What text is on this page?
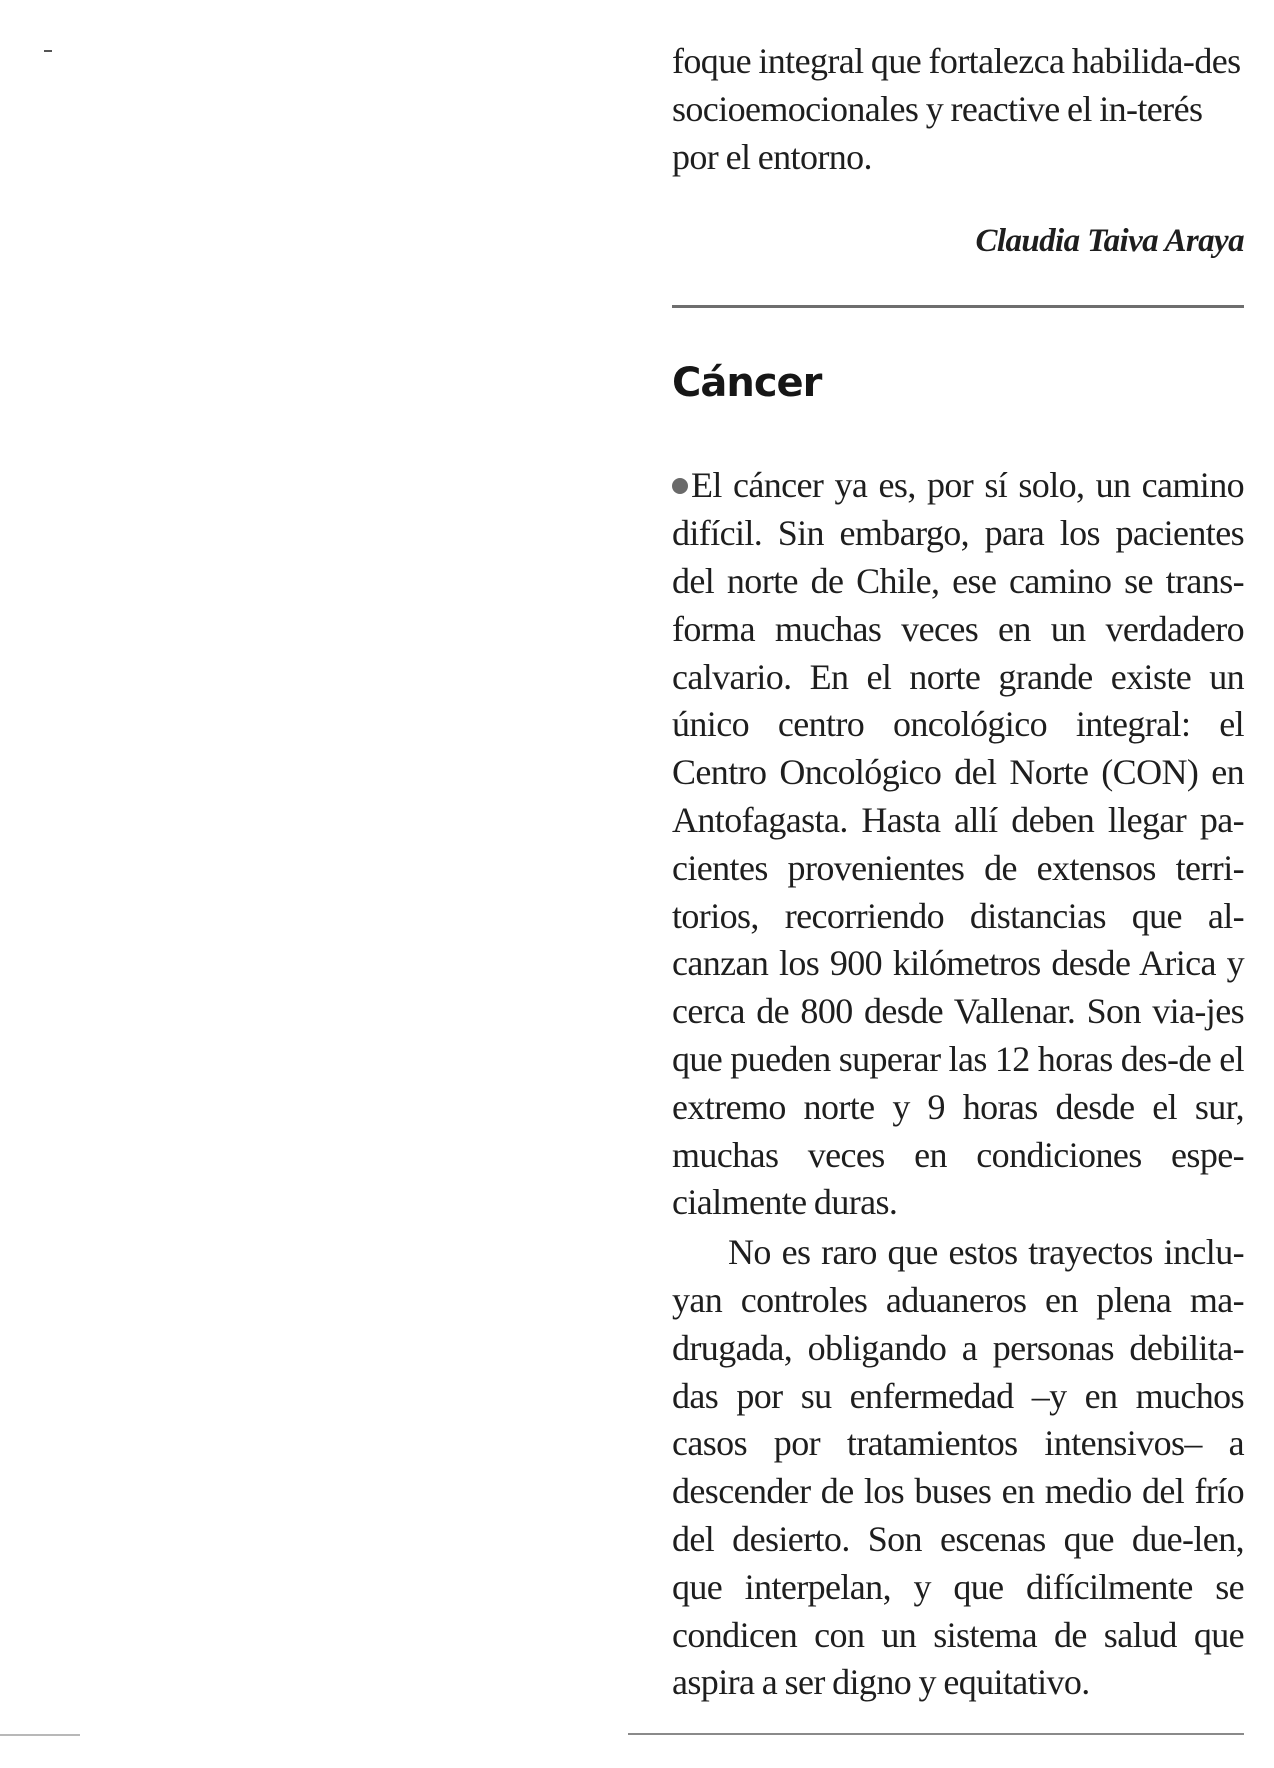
foque integral que fortalezca habilida-des socioemocionales y reactive el in-terés por el entorno.

Claudia Taiva Araya

Cáncer

El cáncer ya es, por sí solo, un camino difícil. Sin embargo, para los pacientes del norte de Chile, ese camino se trans-forma muchas veces en un verdadero calvario. En el norte grande existe un único centro oncológico integral: el Centro Oncológico del Norte (CON) en Antofagasta. Hasta allí deben llegar pa-cientes provenientes de extensos terri-torios, recorriendo distancias que al-canzan los 900 kilómetros desde Arica y cerca de 800 desde Vallenar. Son via-jes que pueden superar las 12 horas des-de el extremo norte y 9 horas desde el sur, muchas veces en condiciones espe-cialmente duras.

No es raro que estos trayectos inclu-yan controles aduaneros en plena ma-drugada, obligando a personas debilita-das por su enfermedad –y en muchos casos por tratamientos intensivos– a descender de los buses en medio del frío del desierto. Son escenas que due-len, que interpelan, y que difícilmente se condicen con un sistema de salud que aspira a ser digno y equitativo.
